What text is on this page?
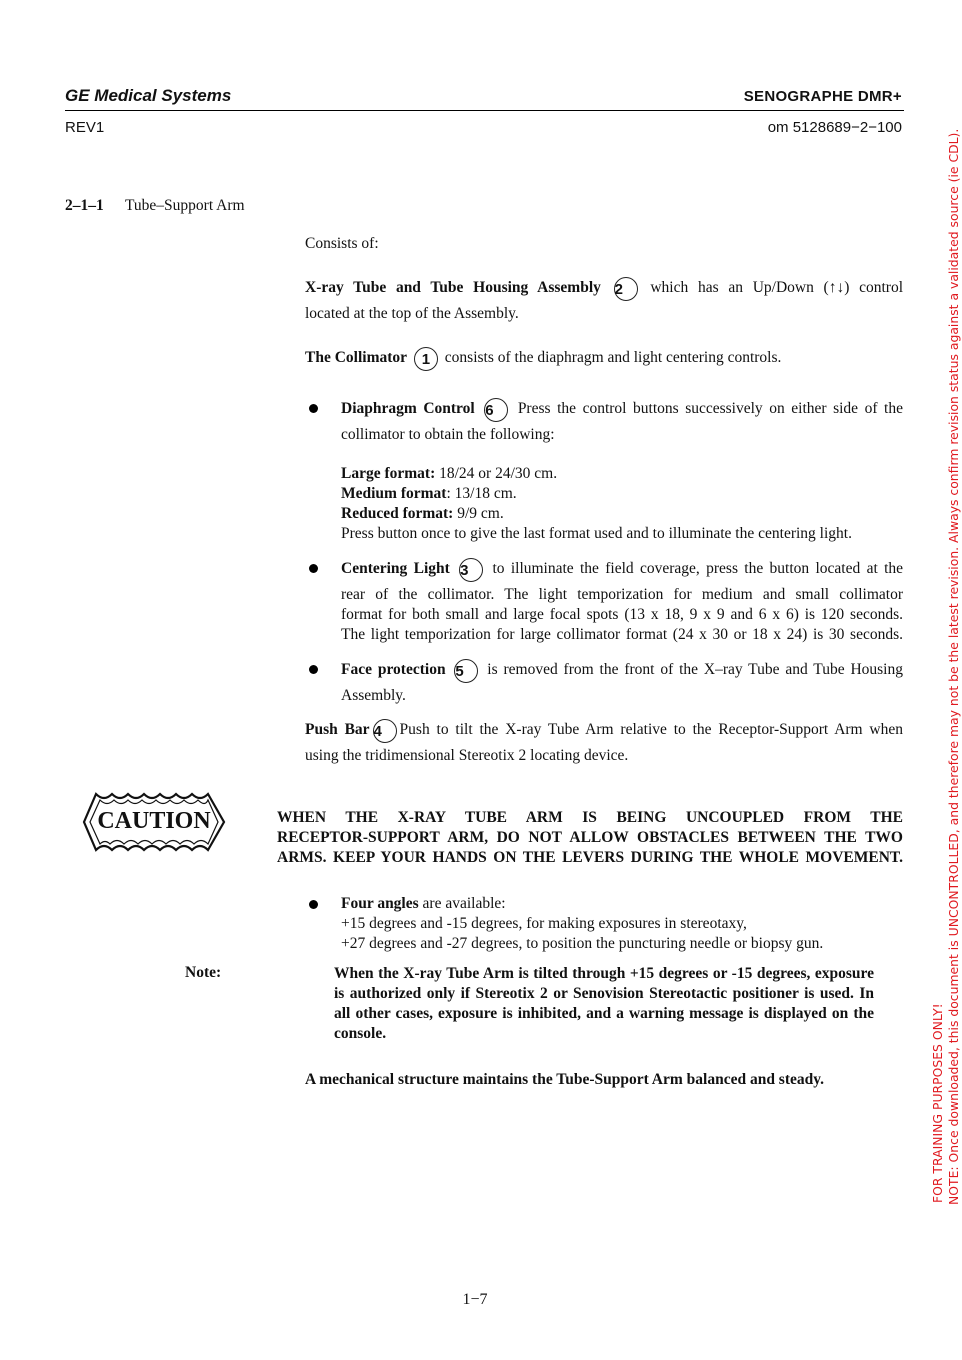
GE Medical Systems	SENOGRAPHE DMR+
REV1	om 5128689−2−100
2–1–1 Tube–Support Arm
Consists of:
X-ray Tube and Tube Housing Assembly 2 which has an Up/Down (↑↓) control
located at the top of the Assembly.
The Collimator 1 consists of the diaphragm and light centering controls.
Diaphragm Control 6 Press the control buttons successively on either side of the
collimator to obtain the following:
Large format: 18/24 or 24/30 cm.
Medium format: 13/18 cm.
Reduced format: 9/9 cm.
Press button once to give the last format used and to illuminate the centering light.
Centering Light 3 to illuminate the field coverage, press the button located at the
rear of the collimator. The light temporization for medium and small collimator
format for both small and large focal spots (13 x 18, 9 x 9 and 6 x 6) is 120 seconds.
The light temporization for large collimator format (24 x 30 or 18 x 24) is 30 seconds.
Face protection 5 is removed from the front of the X–ray Tube and Tube Housing
Assembly.
Push Bar 4 Push to tilt the X-ray Tube Arm relative to the Receptor-Support Arm when
using the tridimensional Stereotix 2 locating device.
CAUTION	WHEN THE X-RAY TUBE ARM IS BEING UNCOUPLED FROM THE
RECEPTOR-SUPPORT ARM, DO NOT ALLOW OBSTACLES BETWEEN THE TWO
ARMS. KEEP YOUR HANDS ON THE LEVERS DURING THE WHOLE MOVEMENT.
Four angles are available:
+15 degrees and -15 degrees, for making exposures in stereotaxy,
+27 degrees and -27 degrees, to position the puncturing needle or biopsy gun.
Note:	When the X-ray Tube Arm is tilted through +15 degrees or -15 degrees, exposure is authorized only if Stereotix 2 or Senovision Stereotactic positioner is used. In all other cases, exposure is inhibited, and a warning message is displayed on the console.
A mechanical structure maintains the Tube-Support Arm balanced and steady.
1−7
FOR TRAINING PURPOSES ONLY! NOTE: Once downloaded, this document is UNCONTROLLED, and therefore may not be the latest revision. Always confirm revision status against a validated source (ie CDL).
